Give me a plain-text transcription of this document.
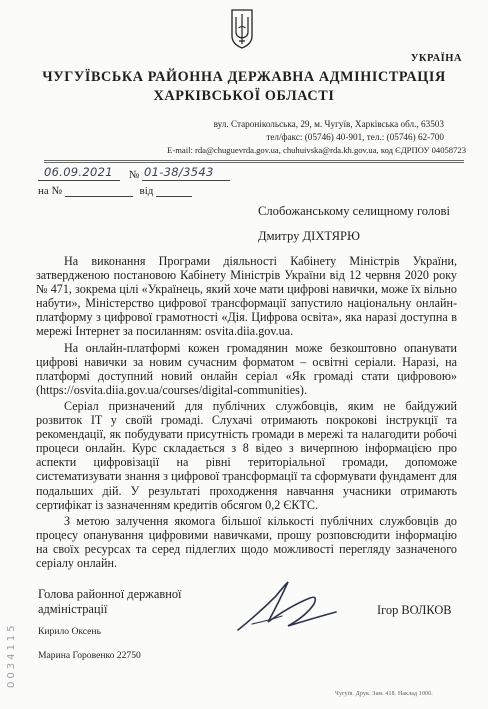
УКРАЇНА
ЧУГУЇВСЬКА РАЙОННА ДЕРЖАВНА АДМІНІСТРАЦІЯ
ХАРКІВСЬКОЇ ОБЛАСТІ
вул. Старонікольська, 29, м. Чугуїв, Харківська обл., 63503
тел/факс: (05746) 40-901, тел.: (05746) 62-700
E-mail: rda@chuguevrda.gov.ua, chuhuivska@rda.kh.gov.ua, код ЄДРПОУ 04058723
06.09.2021 № 01-38/3543
на №	від
Слобожанському селищному голові
Дмитру ДІХТЯРЮ

На виконання Програми діяльності Кабінету Міністрів України, затвердженою постановою Кабінету Міністрів України від 12 червня 2020 року № 471, зокрема цілі «Українець, який хоче мати цифрові навички, може їх вільно набути», Міністерство цифрової трансформації запустило національну онлайн-платформу з цифрової грамотності «Дія. Цифрова освіта», яка наразі доступна в мережі Інтернет за посиланням: osvita.diia.gov.ua.

На онлайн-платформі кожен громадянин може безкоштовно опанувати цифрові навички за новим сучасним форматом – освітні серіали. Наразі, на платформі доступний новий онлайн серіал «Як громаді стати цифровою» (https://osvita.diia.gov.ua/courses/digital-communities).

Серіал призначений для публічних службовців, яким не байдужий розвиток ІТ у своїй громаді. Слухачі отримають покрокові інструкції та рекомендації, як побудувати присутність громади в мережі та налагодити робочі процеси онлайн. Курс складається з 8 відео з вичерпною інформацією про аспекти цифровізації на рівні територіальної громади, допоможе систематизувати знання з цифрової трансформації та сформувати фундамент для подальших дій. У результаті проходження навчання учасники отримають сертифікат із зазначенням кредитів обсягом 0,2 ЄКТС.

З метою залучення якомога більшої кількості публічних службовців до процесу опанування цифровими навичками, прошу розповсюдити інформацію на своїх ресурсах та серед підлеглих щодо можливості перегляду зазначеного серіалу онлайн.

Голова районної державної
адміністрації	Ігор ВОЛКОВ
Кирило Оксень
Марина Горовенко 22750
0034115
Чугуїв. Друк. Зам. 418. Наклад 1000.
